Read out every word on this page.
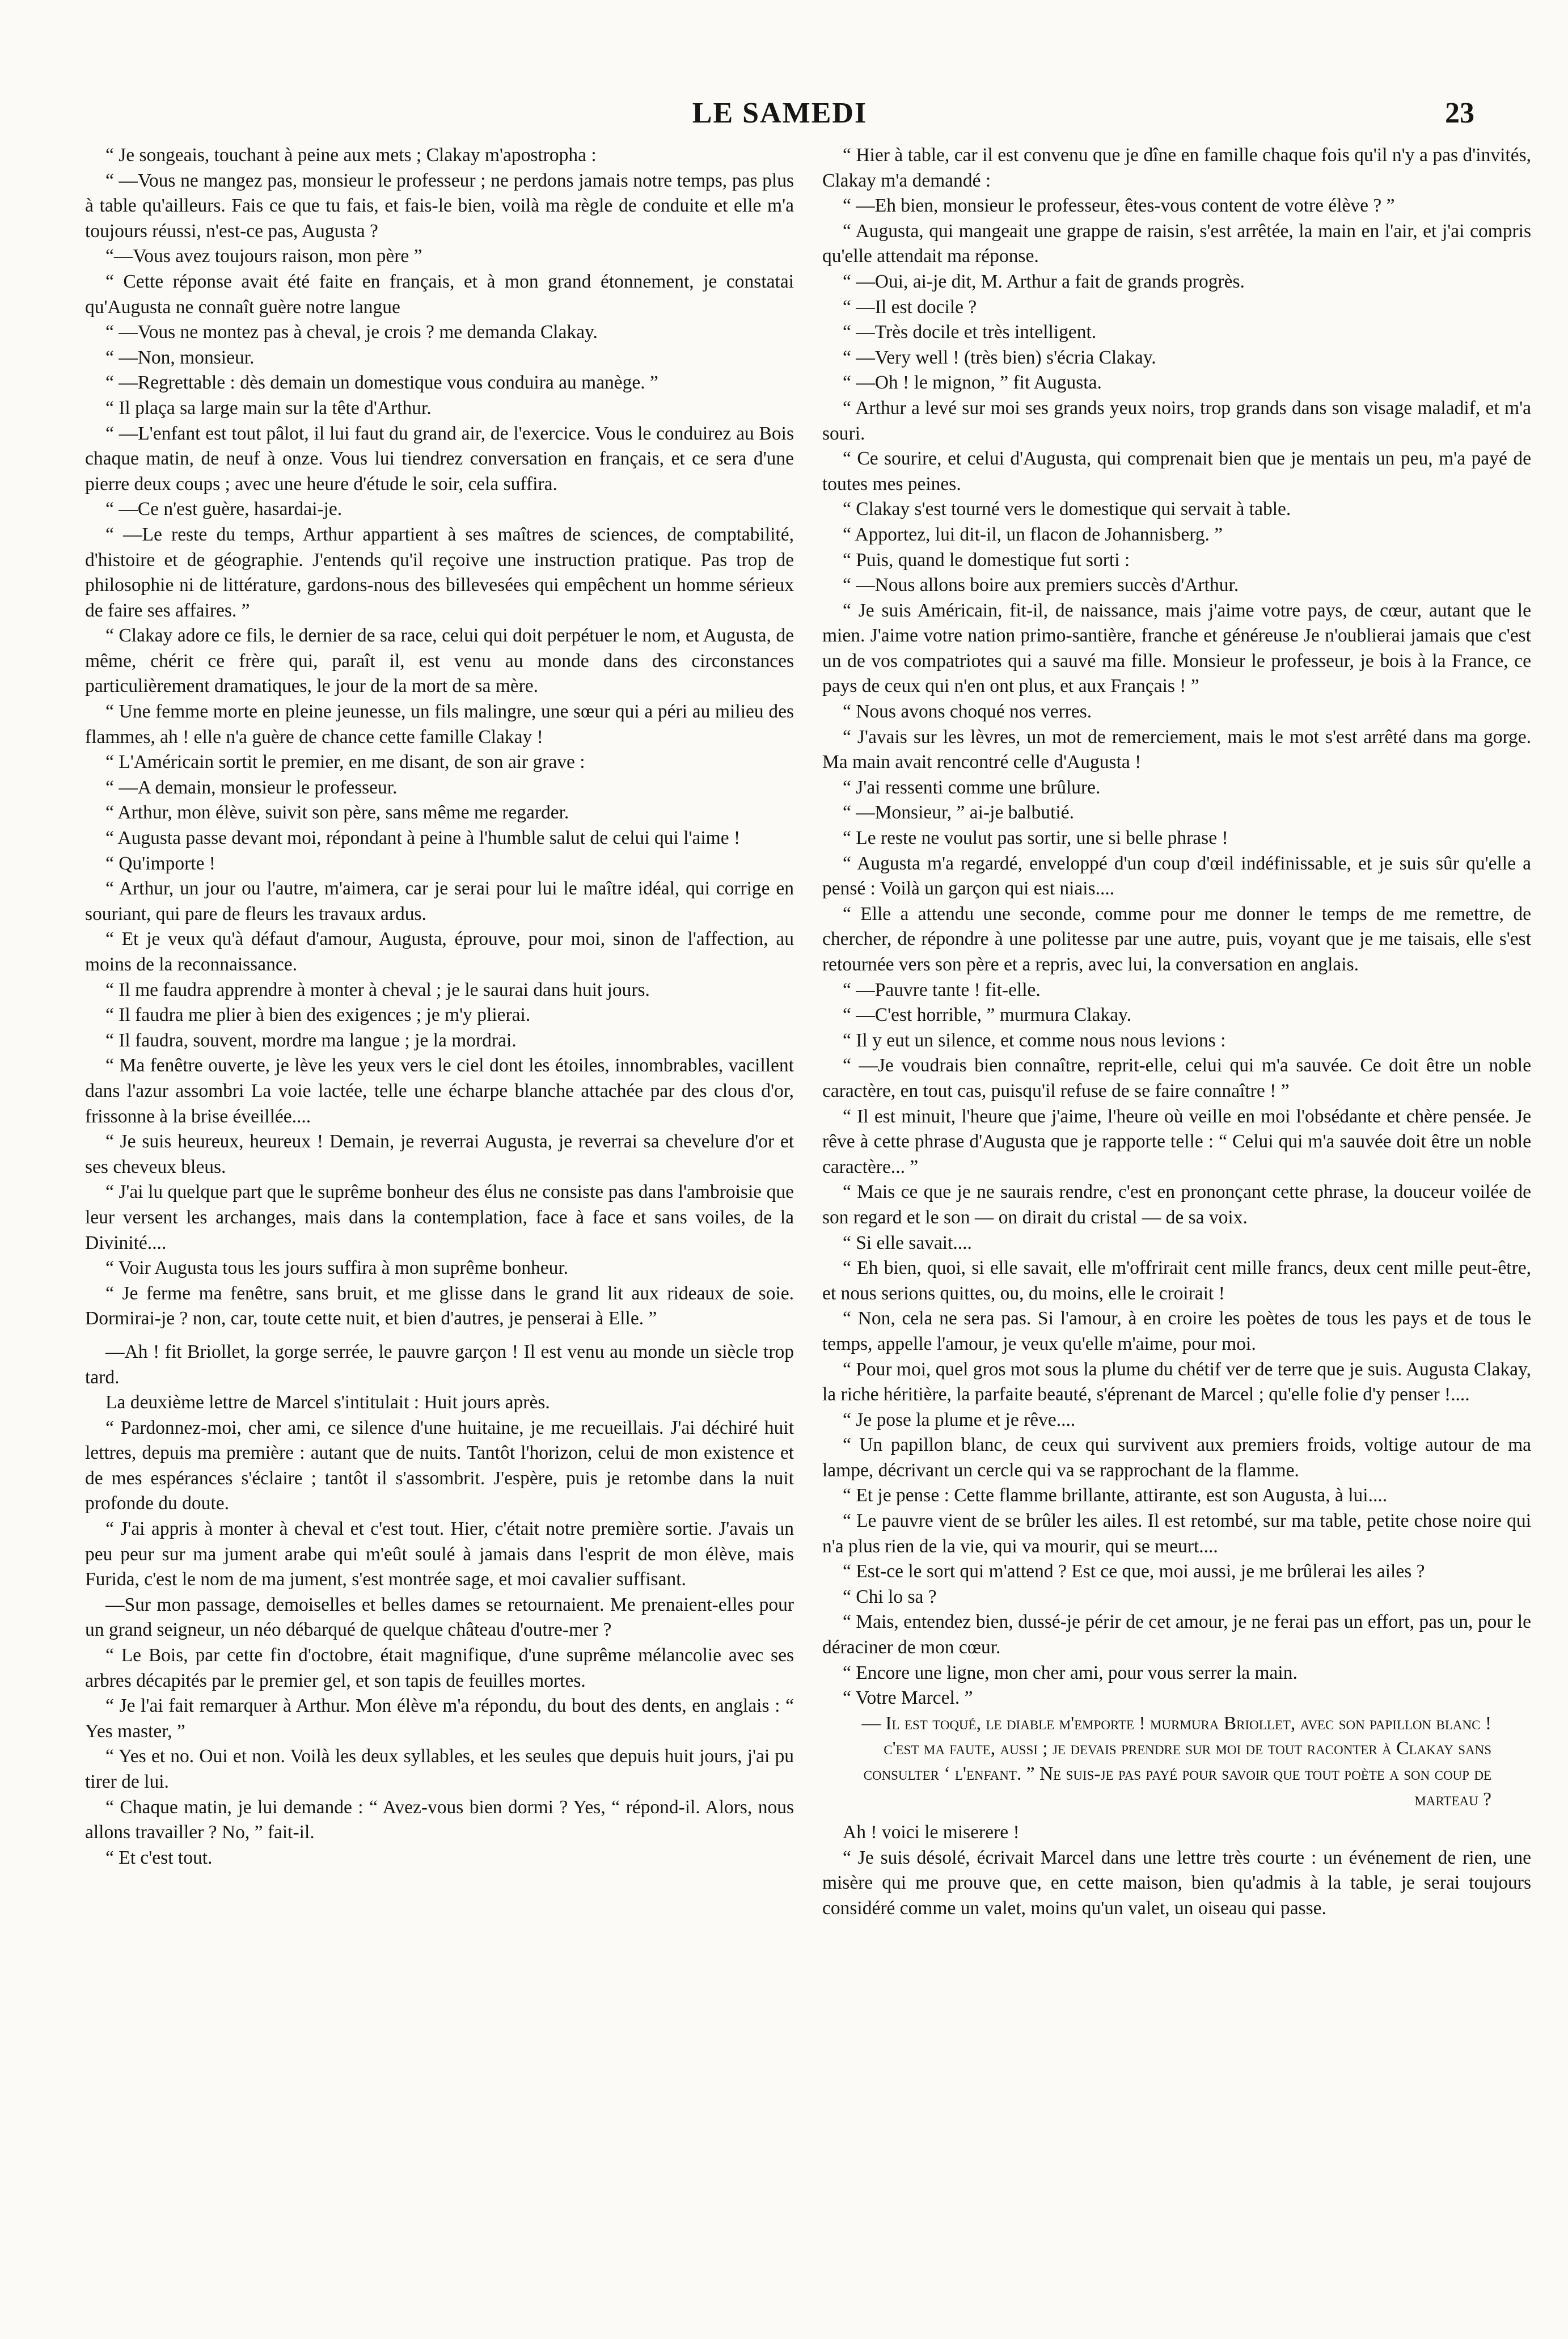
LE SAMEDI	23

“ Je songeais, touchant à peine aux mets ; Clakay m'apostropha :

“ —Vous ne mangez pas, monsieur le professeur ; ne perdons jamais notre temps, pas plus à table qu'ailleurs. Fais ce que tu fais, et fais-le bien, voilà ma règle de conduite et elle m'a toujours réussi, n'est-ce pas, Augusta ?

“—Vous avez toujours raison, mon père ”

“ Cette réponse avait été faite en français, et à mon grand étonnement, je constatai qu'Augusta ne connaît guère notre langue

“ —Vous ne montez pas à cheval, je crois ? me demanda Clakay.

“ —Non, monsieur.

“ —Regrettable : dès demain un domestique vous conduira au manège. ”

“ Il plaça sa large main sur la tête d'Arthur.

“ —L'enfant est tout pâlot, il lui faut du grand air, de l'exercice. Vous le conduirez au Bois chaque matin, de neuf à onze. Vous lui tiendrez conversation en français, et ce sera d'une pierre deux coups ; avec une heure d'étude le soir, cela suffira.

“ —Ce n'est guère, hasardai-je.

“ —Le reste du temps, Arthur appartient à ses maîtres de sciences, de comptabilité, d'histoire et de géographie. J'entends qu'il reçoive une instruction pratique. Pas trop de philosophie ni de littérature, gardons-nous des billevesées qui empêchent un homme sérieux de faire ses affaires. ”

“ Clakay adore ce fils, le dernier de sa race, celui qui doit perpétuer le nom, et Augusta, de même, chérit ce frère qui, paraît il, est venu au monde dans des circonstances particulièrement dramatiques, le jour de la mort de sa mère.

“ Une femme morte en pleine jeunesse, un fils malingre, une sœur qui a péri au milieu des flammes, ah ! elle n'a guère de chance cette famille Clakay !

“ L'Américain sortit le premier, en me disant, de son air grave :

“ —A demain, monsieur le professeur.

“ Arthur, mon élève, suivit son père, sans même me regarder.

“ Augusta passe devant moi, répondant à peine à l'humble salut de celui qui l'aime !

“ Qu'importe !

“ Arthur, un jour ou l'autre, m'aimera, car je serai pour lui le maître idéal, qui corrige en souriant, qui pare de fleurs les travaux ardus.

“ Et je veux qu'à défaut d'amour, Augusta, éprouve, pour moi, sinon de l'affection, au moins de la reconnaissance.

“ Il me faudra apprendre à monter à cheval ; je le saurai dans huit jours.

“ Il faudra me plier à bien des exigences ; je m'y plierai.

“ Il faudra, souvent, mordre ma langue ; je la mordrai.

“ Ma fenêtre ouverte, je lève les yeux vers le ciel dont les étoiles, innombrables, vacillent dans l'azur assombri La voie lactée, telle une écharpe blanche attachée par des clous d'or, frissonne à la brise éveillée....

“ Je suis heureux, heureux ! Demain, je reverrai Augusta, je reverrai sa chevelure d'or et ses cheveux bleus.

“ J'ai lu quelque part que le suprême bonheur des élus ne consiste pas dans l'ambroisie que leur versent les archanges, mais dans la contemplation, face à face et sans voiles, de la Divinité....

“ Voir Augusta tous les jours suffira à mon suprême bonheur.

“ Je ferme ma fenêtre, sans bruit, et me glisse dans le grand lit aux rideaux de soie. Dormirai-je ? non, car, toute cette nuit, et bien d'autres, je penserai à Elle. ”

—Ah ! fit Briollet, la gorge serrée, le pauvre garçon ! Il est venu au monde un siècle trop tard.

La deuxième lettre de Marcel s'intitulait : Huit jours après.

“ Pardonnez-moi, cher ami, ce silence d'une huitaine, je me recueillais. J'ai déchiré huit lettres, depuis ma première : autant que de nuits. Tantôt l'horizon, celui de mon existence et de mes espérances s'éclaire ; tantôt il s'assombrit. J'espère, puis je retombe dans la nuit profonde du doute.

“ J'ai appris à monter à cheval et c'est tout. Hier, c'était notre première sortie. J'avais un peu peur sur ma jument arabe qui m'eût soulé à jamais dans l'esprit de mon élève, mais Furida, c'est le nom de ma jument, s'est montrée sage, et moi cavalier suffisant.

—Sur mon passage, demoiselles et belles dames se retournaient. Me prenaient-elles pour un grand seigneur, un néo débarqué de quelque château d'outre-mer ?

“ Le Bois, par cette fin d'octobre, était magnifique, d'une suprême mélancolie avec ses arbres décapités par le premier gel, et son tapis de feuilles mortes.

“ Je l'ai fait remarquer à Arthur. Mon élève m'a répondu, du bout des dents, en anglais : “ Yes master, ”

“ Yes et no. Oui et non. Voilà les deux syllables, et les seules que depuis huit jours, j'ai pu tirer de lui.

“ Chaque matin, je lui demande : “ Avez-vous bien dormi ? Yes, “ répond-il. Alors, nous allons travailler ? No, ” fait-il.

“ Et c'est tout.

“ Hier à table, car il est convenu que je dîne en famille chaque fois qu'il n'y a pas d'invités, Clakay m'a demandé :

“ —Eh bien, monsieur le professeur, êtes-vous content de votre élève ? ”

“ Augusta, qui mangeait une grappe de raisin, s'est arrêtée, la main en l'air, et j'ai compris qu'elle attendait ma réponse.

“ —Oui, ai-je dit, M. Arthur a fait de grands progrès.

“ —Il est docile ?

“ —Très docile et très intelligent.

“ —Very well ! (très bien) s'écria Clakay.

“ —Oh ! le mignon, ” fit Augusta.

“ Arthur a levé sur moi ses grands yeux noirs, trop grands dans son visage maladif, et m'a souri.

“ Ce sourire, et celui d'Augusta, qui comprenait bien que je mentais un peu, m'a payé de toutes mes peines.

“ Clakay s'est tourné vers le domestique qui servait à table.

“ Apportez, lui dit-il, un flacon de Johannisberg. ”

“ Puis, quand le domestique fut sorti :

“ —Nous allons boire aux premiers succès d'Arthur.

“ Je suis Américain, fit-il, de naissance, mais j'aime votre pays, de cœur, autant que le mien. J'aime votre nation primo-santière, franche et généreuse Je n'oublierai jamais que c'est un de vos compatriotes qui a sauvé ma fille. Monsieur le professeur, je bois à la France, ce pays de ceux qui n'en ont plus, et aux Français ! ”

“ Nous avons choqué nos verres.

“ J'avais sur les lèvres, un mot de remerciement, mais le mot s'est arrêté dans ma gorge. Ma main avait rencontré celle d'Augusta !

“ J'ai ressenti comme une brûlure.

“ —Monsieur, ” ai-je balbutié.

“ Le reste ne voulut pas sortir, une si belle phrase !

“ Augusta m'a regardé, enveloppé d'un coup d'œil indéfinissable, et je suis sûr qu'elle a pensé : Voilà un garçon qui est niais....

“ Elle a attendu une seconde, comme pour me donner le temps de me remettre, de chercher, de répondre à une politesse par une autre, puis, voyant que je me taisais, elle s'est retournée vers son père et a repris, avec lui, la conversation en anglais.

“ —Pauvre tante ! fit-elle.

“ —C'est horrible, ” murmura Clakay.

“ Il y eut un silence, et comme nous nous levions :

“ —Je voudrais bien connaître, reprit-elle, celui qui m'a sauvée. Ce doit être un noble caractère, en tout cas, puisqu'il refuse de se faire connaître ! ”

“ Il est minuit, l'heure que j'aime, l'heure où veille en moi l'obsédante et chère pensée. Je rêve à cette phrase d'Augusta que je rapporte telle : “ Celui qui m'a sauvée doit être un noble caractère... ”

“ Mais ce que je ne saurais rendre, c'est en prononçant cette phrase, la douceur voilée de son regard et le son — on dirait du cristal — de sa voix.

“ Si elle savait....

“ Eh bien, quoi, si elle savait, elle m'offrirait cent mille francs, deux cent mille peut-être, et nous serions quittes, ou, du moins, elle le croirait !

“ Non, cela ne sera pas. Si l'amour, à en croire les poètes de tous les pays et de tous le temps, appelle l'amour, je veux qu'elle m'aime, pour moi.

“ Pour moi, quel gros mot sous la plume du chétif ver de terre que je suis. Augusta Clakay, la riche héritière, la parfaite beauté, s'éprenant de Marcel ; qu'elle folie d'y penser !....

“ Je pose la plume et je rêve....

“ Un papillon blanc, de ceux qui survivent aux premiers froids, voltige autour de ma lampe, décrivant un cercle qui va se rapprochant de la flamme.

“ Et je pense : Cette flamme brillante, attirante, est son Augusta, à lui....

“ Le pauvre vient de se brûler les ailes. Il est retombé, sur ma table, petite chose noire qui n'a plus rien de la vie, qui va mourir, qui se meurt....

“ Est-ce le sort qui m'attend ? Est ce que, moi aussi, je me brûlerai les ailes ?

“ Chi lo sa ?

“ Mais, entendez bien, dussé-je périr de cet amour, je ne ferai pas un effort, pas un, pour le déraciner de mon cœur.

“ Encore une ligne, mon cher ami, pour vous serrer la main.

“ Votre Marcel. ”

— Il est toqué, le diable m'emporte ! murmura Briollet, avec son papillon blanc ! c'est ma faute, aussi ; je devais prendre sur moi de tout raconter à Clakay sans consulter ‘ l'enfant. ” Ne suis-je pas payé pour savoir que tout poète a son coup de marteau ?

Ah ! voici le miserere !

“ Je suis désolé, écrivait Marcel dans une lettre très courte : un événement de rien, une misère qui me prouve que, en cette maison, bien qu'admis à la table, je serai toujours considéré comme un valet, moins qu'un valet, un oiseau qui passe.
